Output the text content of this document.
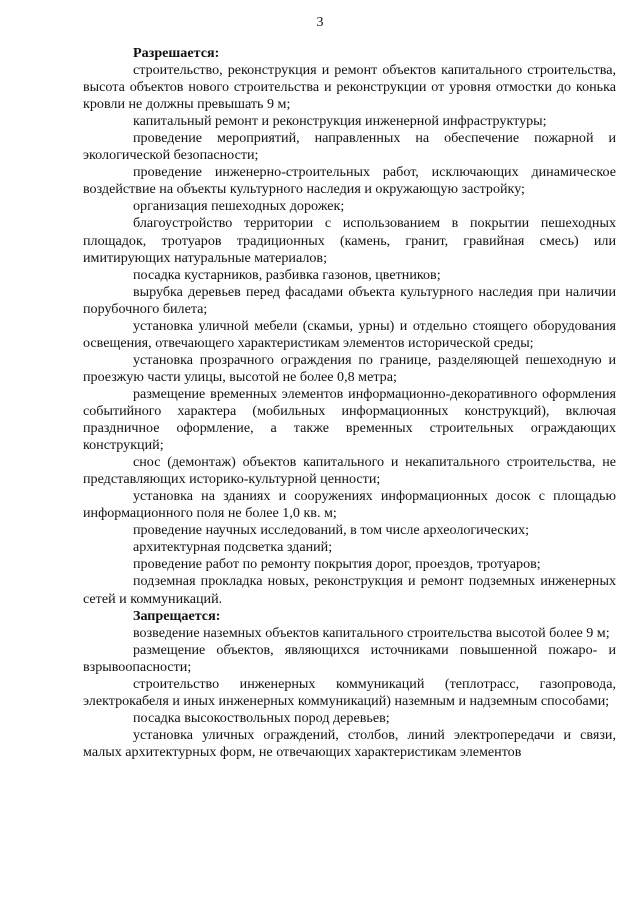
3

Разрешается:

строительство, реконструкция и ремонт объектов капитального строительства, высота объектов нового строительства и реконструкции от уровня отмостки до конька кровли не должны превышать 9 м;

капитальный ремонт и реконструкция инженерной инфраструктуры;

проведение мероприятий, направленных на обеспечение пожарной и экологической безопасности;

проведение инженерно-строительных работ, исключающих динамическое воздействие на объекты культурного наследия и окружающую застройку;

организация пешеходных дорожек;

благоустройство территории с использованием в покрытии пешеходных площадок, тротуаров традиционных (камень, гранит, гравийная смесь) или имитирующих натуральные материалов;

посадка кустарников, разбивка газонов, цветников;

вырубка деревьев перед фасадами объекта культурного наследия при наличии порубочного билета;

установка уличной мебели (скамьи, урны) и отдельно стоящего оборудования освещения, отвечающего характеристикам элементов исторической среды;

установка прозрачного ограждения по границе, разделяющей пешеходную и проезжую части улицы, высотой не более 0,8 метра;

размещение временных элементов информационно-декоративного оформления событийного характера (мобильных информационных конструкций), включая праздничное оформление, а также временных строительных ограждающих конструкций;

снос (демонтаж) объектов капитального и некапитального строительства, не представляющих историко-культурной ценности;

установка на зданиях и сооружениях информационных досок с площадью информационного поля не более 1,0 кв. м;

проведение научных исследований, в том числе археологических;

архитектурная подсветка зданий;

проведение работ по ремонту покрытия дорог, проездов, тротуаров;

подземная прокладка новых, реконструкция и ремонт подземных инженерных сетей и коммуникаций.

Запрещается:

возведение наземных объектов капитального строительства высотой более 9 м;

размещение объектов, являющихся источниками повышенной пожаро- и взрывоопасности;

строительство инженерных коммуникаций (теплотрасс, газопровода, электрокабеля и иных инженерных коммуникаций) наземным и надземным способами;

посадка высокоствольных пород деревьев;

установка уличных ограждений, столбов, линий электропередачи и связи, малых архитектурных форм, не отвечающих характеристикам элементов
